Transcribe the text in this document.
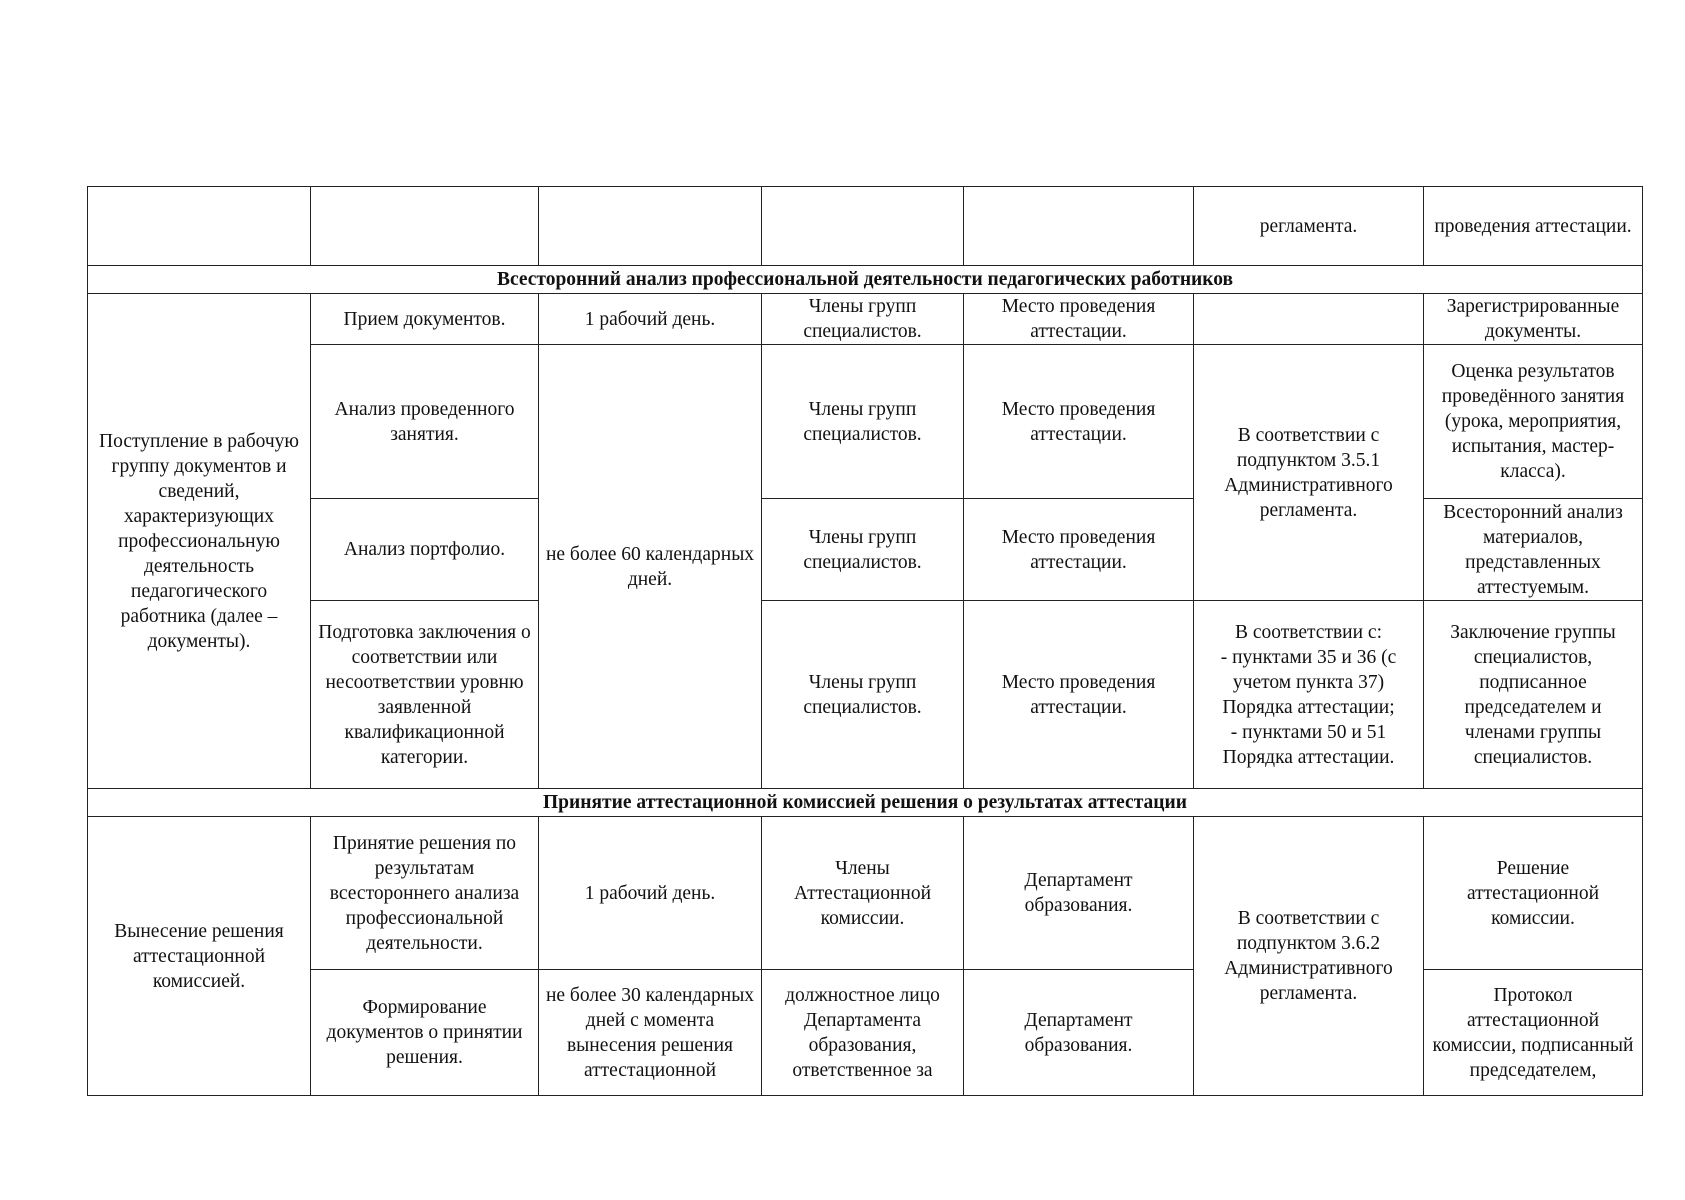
					регламента.	проведения аттестации.
Всесторонний анализ профессиональной деятельности педагогических работников						
Поступление в рабочую группу документов и сведений, характеризующих профессиональную деятельность педагогического работника (далее – документы).	Прием документов.	1 рабочий день.	Члены групп специалистов.	Место проведения аттестации.		Зарегистрированные документы.
	Анализ проведенного занятия.	не более 60 календарных дней.	Члены групп специалистов.	Место проведения аттестации.	В соответствии с подпунктом 3.5.1 Административного регламента.	Оценка результатов проведённого занятия (урока, мероприятия, испытания, мастер-класса).
	Анализ портфолио.		Члены групп специалистов.	Место проведения аттестации.		Всесторонний анализ материалов, представленных аттестуемым.
	Подготовка заключения о соответствии или несоответствии уровню заявленной квалификационной категории.		Члены групп специалистов.	Место проведения аттестации.	В соответствии с:
- пунктами 35 и 36 (с учетом пункта 37) Порядка аттестации;
- пунктами 50 и 51 Порядка аттестации.	Заключение группы специалистов, подписанное председателем и членами группы специалистов.
Принятие аттестационной комиссией решения о результатах аттестации						
Вынесение решения аттестационной комиссией.	Принятие решения по результатам всестороннего анализа профессиональной деятельности.	1 рабочий день.	Члены Аттестационной комиссии.	Департамент образования.	В соответствии с подпунктом 3.6.2 Административного регламента.	Решение аттестационной комиссии.
	Формирование документов о принятии решения.	не более 30 календарных дней с момента вынесения решения аттестационной	должностное лицо Департамента образования, ответственное за	Департамент образования.		Протокол аттестационной комиссии, подписанный председателем,
